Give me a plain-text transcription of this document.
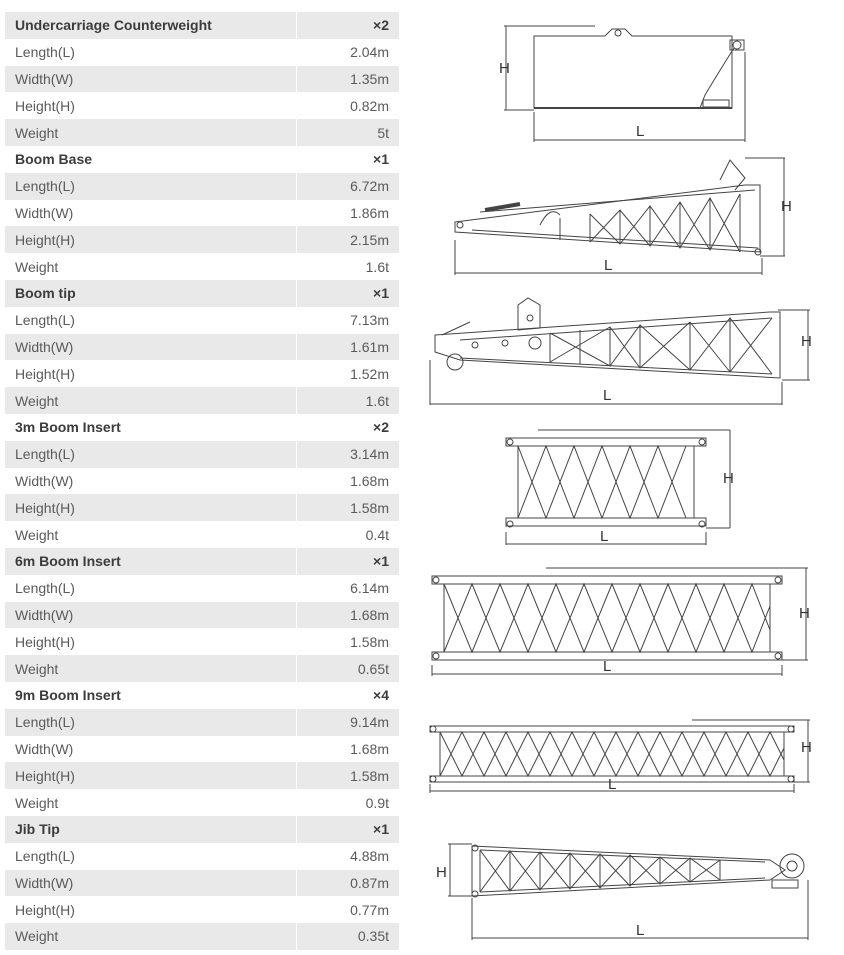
Undercarriage Counterweight	×2
Length(L)	2.04m
Width(W)	1.35m
Height(H)	0.82m
Weight	5t
Boom Base	×1
Length(L)	6.72m
Width(W)	1.86m
Height(H)	2.15m
Weight	1.6t
Boom tip	×1
Length(L)	7.13m
Width(W)	1.61m
Height(H)	1.52m
Weight	1.6t
3m Boom Insert	×2
Length(L)	3.14m
Width(W)	1.68m
Height(H)	1.58m
Weight	0.4t
6m Boom Insert	×1
Length(L)	6.14m
Width(W)	1.68m
Height(H)	1.58m
Weight	0.65t
9m Boom Insert	×4
Length(L)	9.14m
Width(W)	1.68m
Height(H)	1.58m
Weight	0.9t
Jib Tip	×1
Length(L)	4.88m
Width(W)	0.87m
Height(H)	0.77m
Weight	0.35t
H
L
H
L
H
L
H
L
H
L
H
L
H
L
